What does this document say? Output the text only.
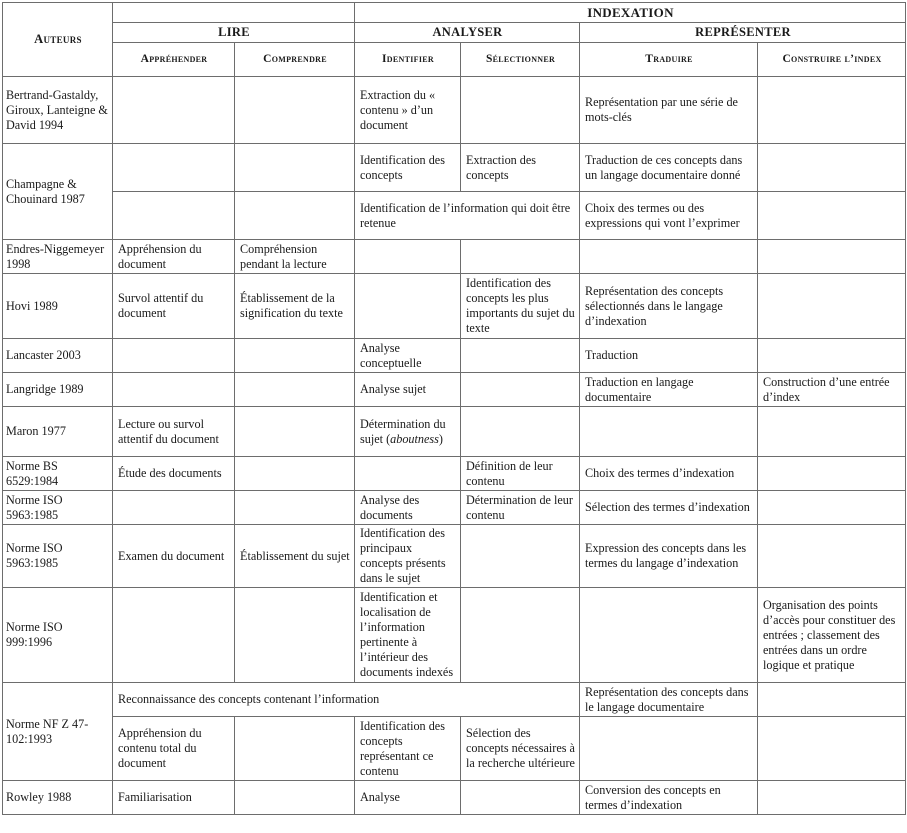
Auteurs			INDEXATION			
	LIRE		ANALYSER		REPRÉSENTER	
	Appréhender	Comprendre	Identifier	Sélectionner	Traduire	Construire l’index
Bertrand-Gastaldy, Giroux, Lanteigne & David 1994			Extraction du « contenu » d’un document		Représentation par une série de mots-clés	
Champagne & Chouinard 1987			Identification des concepts	Extraction des concepts	Traduction de ces concepts dans un langage documentaire donné	
			Identification de l’information qui doit être retenue		Choix des termes ou des expressions qui vont l’exprimer	
Endres-Niggemeyer 1998	Appréhension du document	Compréhension pendant la lecture				
Hovi 1989	Survol attentif du document	Établissement de la signification du texte		Identification des concepts les plus importants du sujet du texte	Représentation des concepts sélectionnés dans le langage d’indexation	
Lancaster 2003			Analyse conceptuelle		Traduction	
Langridge 1989			Analyse sujet		Traduction en langage documentaire	Construction d’une entrée d’index
Maron 1977	Lecture ou survol attentif du document		Détermination du sujet (aboutness)			
Norme BS 6529:1984	Étude des documents			Définition de leur contenu	Choix des termes d’indexation	
Norme ISO 5963:1985			Analyse des documents	Détermination de leur contenu	Sélection des termes d’indexation	
Norme ISO 5963:1985	Examen du document	Établissement du sujet	Identification des principaux concepts présents dans le sujet		Expression des concepts dans les termes du langage d’indexation	
Norme ISO 999:1996			Identification et localisation de l’information pertinente à l’intérieur des documents indexés			Organisation des points d’accès pour constituer des entrées ; classement des entrées dans un ordre logique et pratique
Norme NF Z 47-102:1993	Reconnaissance des concepts contenant l’information				Représentation des concepts dans le langage documentaire	
	Appréhension du contenu total du document		Identification des concepts représentant ce contenu	Sélection des concepts nécessaires à la recherche ultérieure		
Rowley 1988	Familiarisation		Analyse		Conversion des concepts en termes d’indexation	
